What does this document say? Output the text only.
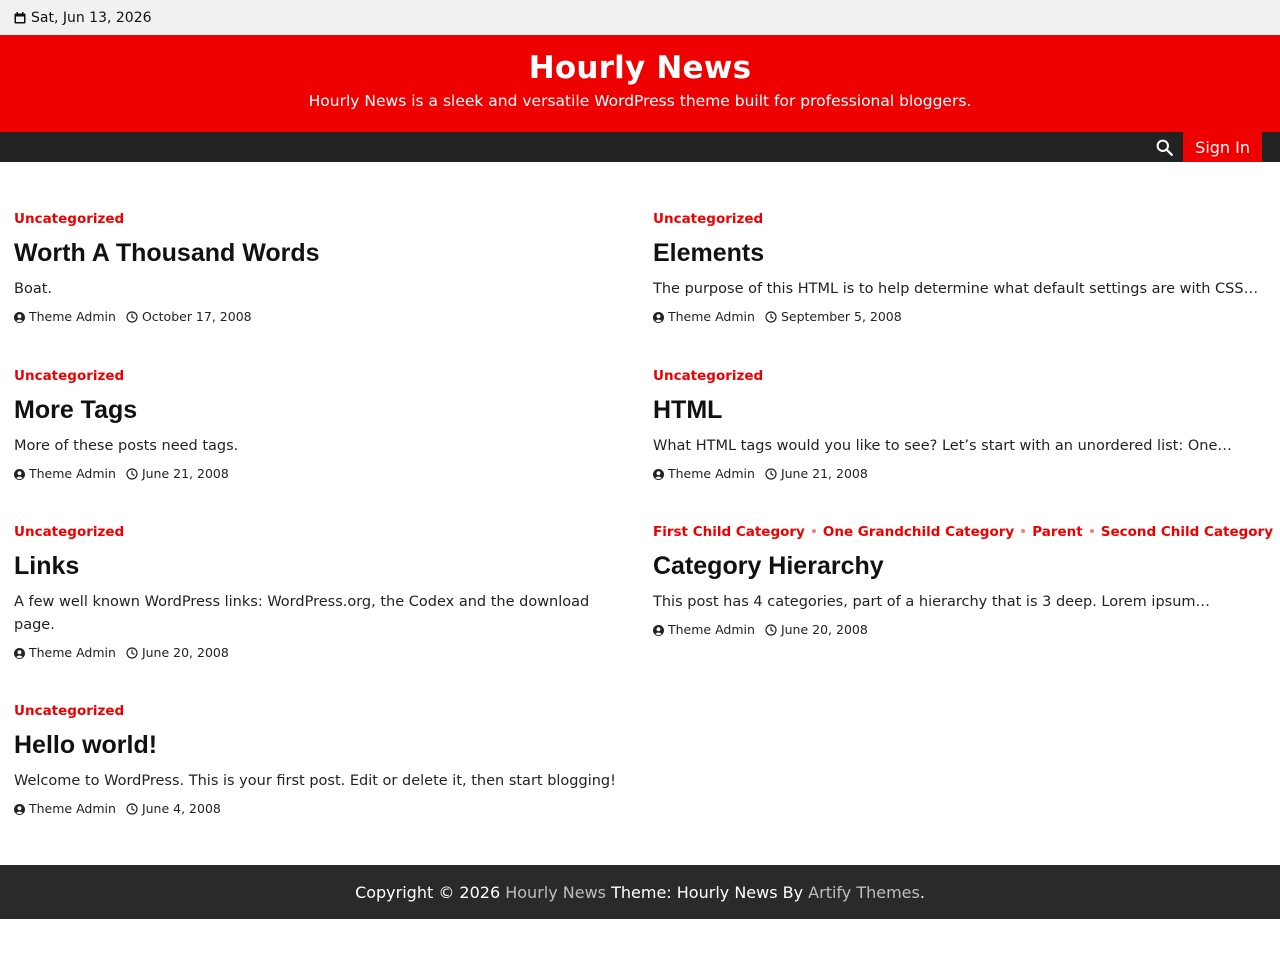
Sat, Jun 13, 2026
Hourly News
Hourly News is a sleek and versatile WordPress theme built for professional bloggers.
Sign In
Uncategorized
Worth A Thousand Words

Boat.

Theme Admin October 17, 2008
Uncategorized
Elements

The purpose of this HTML is to help determine what default settings are with CSS…

Theme Admin September 5, 2008
Uncategorized
More Tags

More of these posts need tags.

Theme Admin June 21, 2008
Uncategorized
HTML

What HTML tags would you like to see? Let’s start with an unordered list: One…

Theme Admin June 21, 2008
Uncategorized
Links

A few well known WordPress links: WordPress.org, the Codex and the download page.

Theme Admin June 20, 2008
First Child Category One Grandchild Category Parent Second Child Category
Category Hierarchy

This post has 4 categories, part of a hierarchy that is 3 deep. Lorem ipsum…

Theme Admin June 20, 2008
Uncategorized
Hello world!

Welcome to WordPress. This is your first post. Edit or delete it, then start blogging!

Theme Admin June 4, 2008
Copyright © 2026
Hourly News
Theme: Hourly News By
Artify Themes .
